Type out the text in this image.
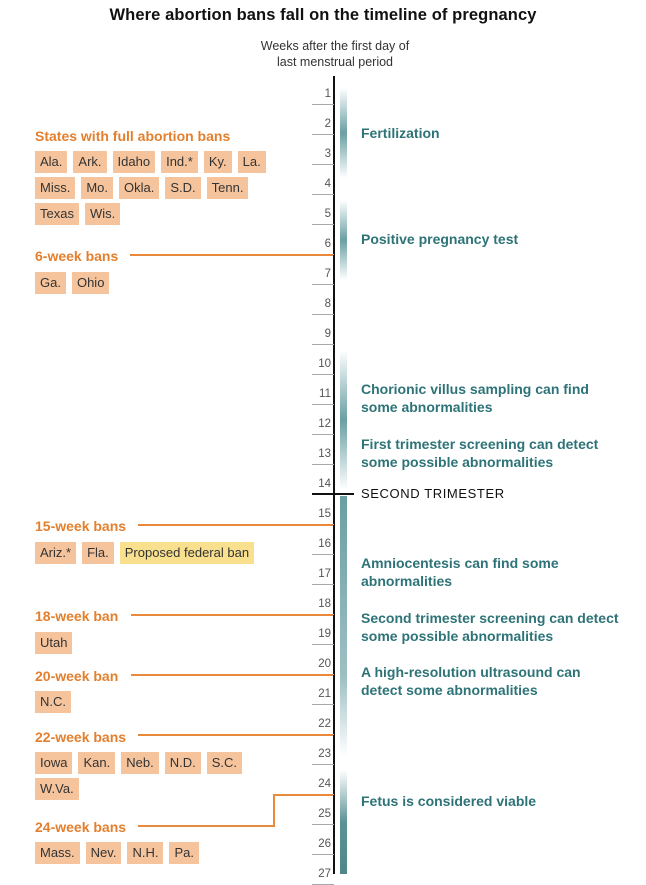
Where abortion bans fall on the timeline of pregnancy
Weeks after the first day of
last menstrual period
1
2
3
4
5
6
7
8
9
10
11
12
13
14
15
16
17
18
19
20
21
22
23
24
25
26
27
SECOND TRIMESTER
States with full abortion bans
Ala.	Ark.	Idaho	Ind.*	Ky.	La.
Miss.	Mo.	Okla.	S.D.	Tenn.
Texas	Wis.
6-week bans
Ga.	Ohio
15-week bans
Ariz.*	Fla.	Proposed federal ban
18-week ban
Utah
20-week ban
N.C.
22-week bans
Iowa	Kan.	Neb.	N.D.	S.C.
W.Va.
24-week bans
Mass.	Nev.	N.H.	Pa.
Fertilization
Positive pregnancy test
Chorionic villus sampling can find some abnormalities
First trimester screening can detect some possible abnormalities
Amniocentesis can find some abnormalities
Second trimester screening can detect some possible abnormalities
A high-resolution ultrasound can detect some abnormalities
Fetus is considered viable
